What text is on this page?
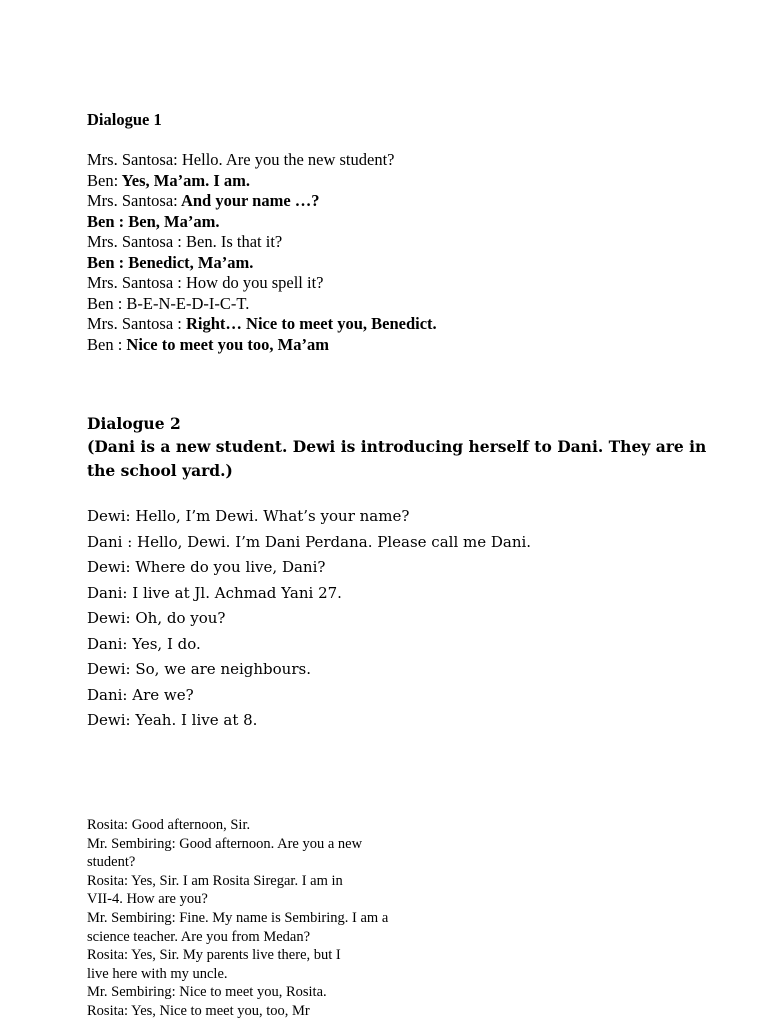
Dialogue 1
Mrs. Santosa: Hello. Are you the new student?
Ben: Yes, Ma’am. I am.
Mrs. Santosa: And your name …?
Ben : Ben, Ma’am.
Mrs. Santosa : Ben. Is that it?
Ben : Benedict, Ma’am.
Mrs. Santosa : How do you spell it?
Ben : B-E-N-E-D-I-C-T.
Mrs. Santosa : Right… Nice to meet you, Benedict.
Ben : Nice to meet you too, Ma’am
Dialogue 2
(Dani is a new student. Dewi is introducing herself to Dani. They are in the school yard.)
Dewi: Hello, I’m Dewi. What’s your name?
Dani : Hello, Dewi. I’m Dani Perdana. Please call me Dani.
Dewi: Where do you live, Dani?
Dani: I live at Jl. Achmad Yani 27.
Dewi: Oh, do you?
Dani: Yes, I do.
Dewi: So, we are neighbours.
Dani: Are we?
Dewi: Yeah. I live at 8.
Rosita: Good afternoon, Sir.
Mr. Sembiring: Good afternoon. Are you a new
student?
Rosita: Yes, Sir. I am Rosita Siregar. I am in
VII-4. How are you?
Mr. Sembiring: Fine. My name is Sembiring. I am a
science teacher. Are you from Medan?
Rosita: Yes, Sir. My parents live there, but I
live here with my uncle.
Mr. Sembiring: Nice to meet you, Rosita.
Rosita: Yes, Nice to meet you, too, Mr
